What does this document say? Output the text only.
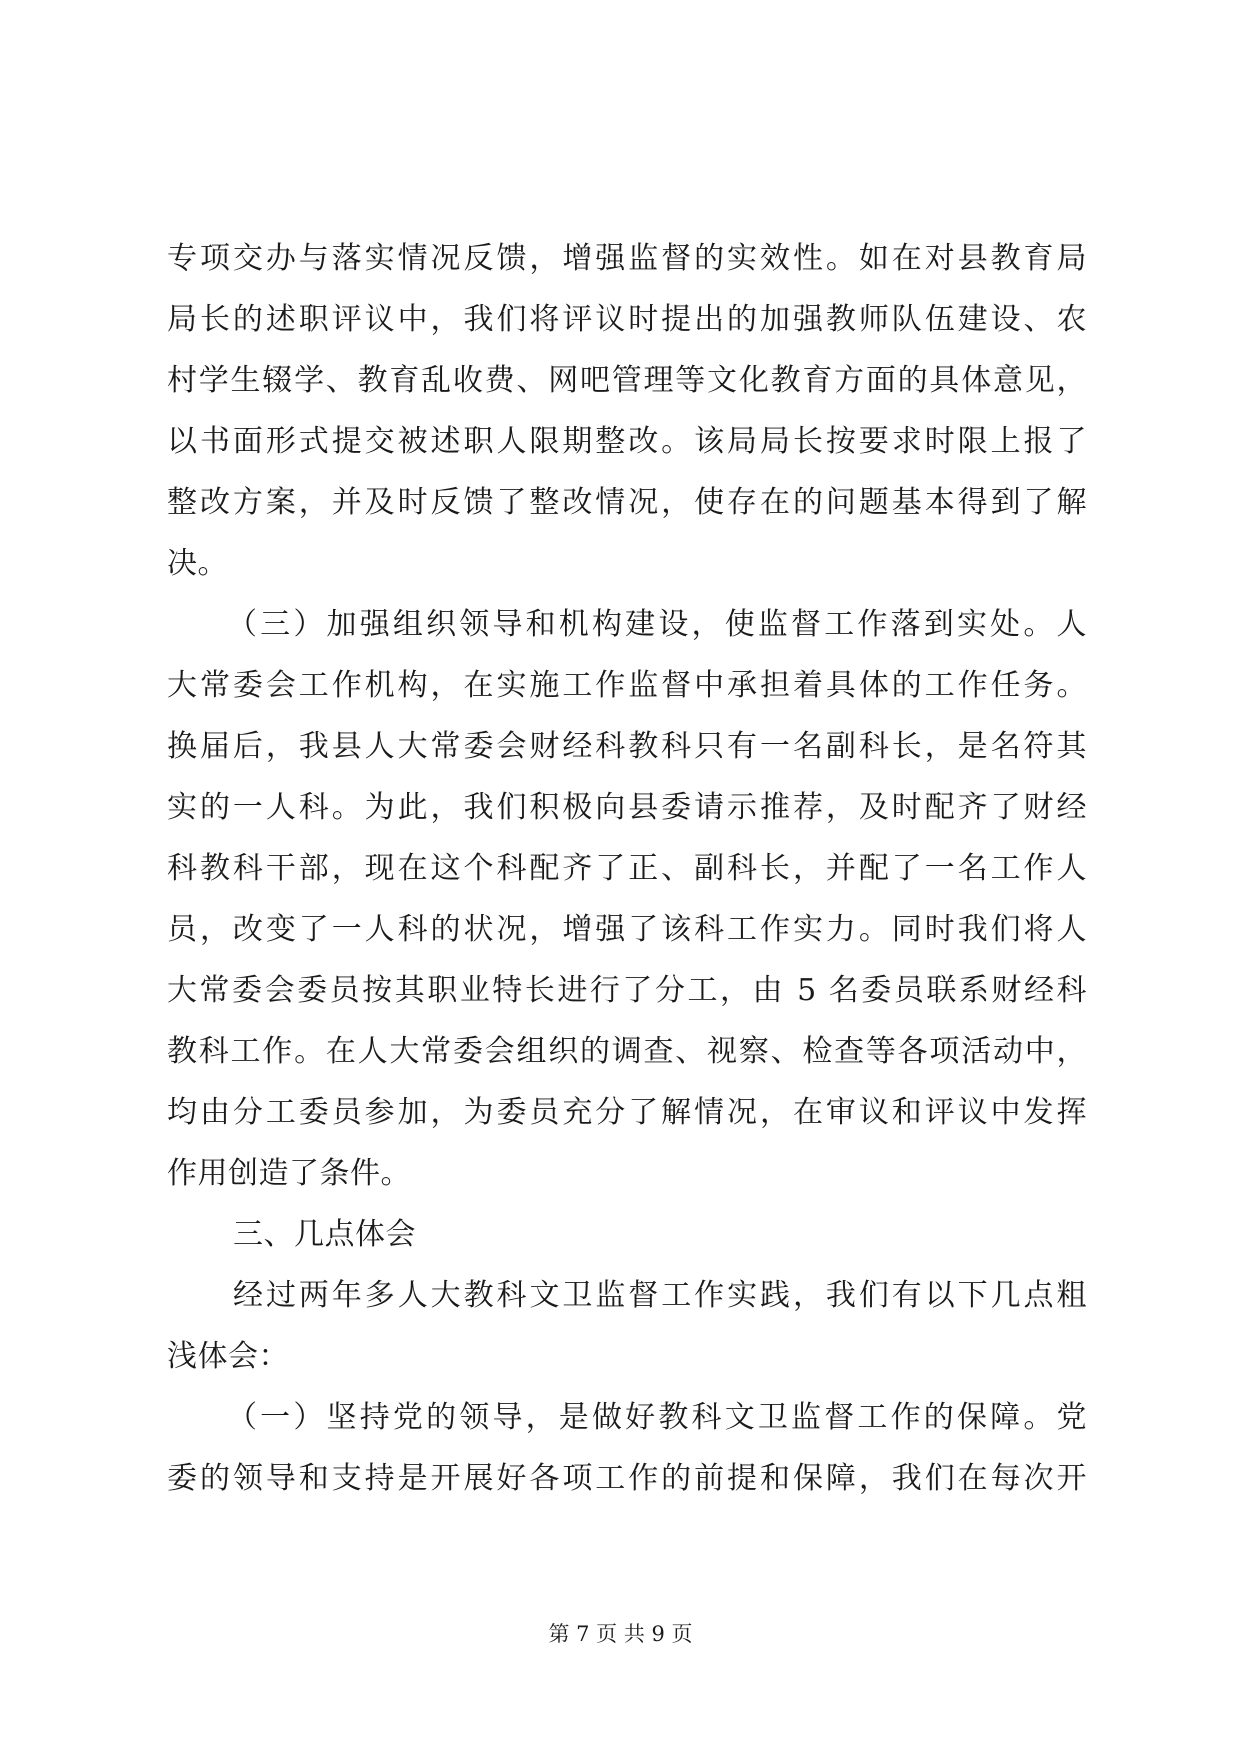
专项交办与落实情况反馈，增强监督的实效性。如在对县教育局
局长的述职评议中，我们将评议时提出的加强教师队伍建设、农
村学生辍学、教育乱收费、网吧管理等文化教育方面的具体意见，
以书面形式提交被述职人限期整改。该局局长按要求时限上报了
整改方案，并及时反馈了整改情况，使存在的问题基本得到了解
决。
（三）加强组织领导和机构建设，使监督工作落到实处。人
大常委会工作机构，在实施工作监督中承担着具体的工作任务。
换届后，我县人大常委会财经科教科只有一名副科长，是名符其
实的一人科。为此，我们积极向县委请示推荐，及时配齐了财经
科教科干部，现在这个科配齐了正、副科长，并配了一名工作人
员，改变了一人科的状况，增强了该科工作实力。同时我们将人
大常委会委员按其职业特长进行了分工，由 5 名委员联系财经科
教科工作。在人大常委会组织的调查、视察、检查等各项活动中，
均由分工委员参加，为委员充分了解情况，在审议和评议中发挥
作用创造了条件。
三、几点体会
经过两年多人大教科文卫监督工作实践，我们有以下几点粗
浅体会：
（一）坚持党的领导，是做好教科文卫监督工作的保障。党
委的领导和支持是开展好各项工作的前提和保障，我们在每次开
第 7 页 共 9 页
